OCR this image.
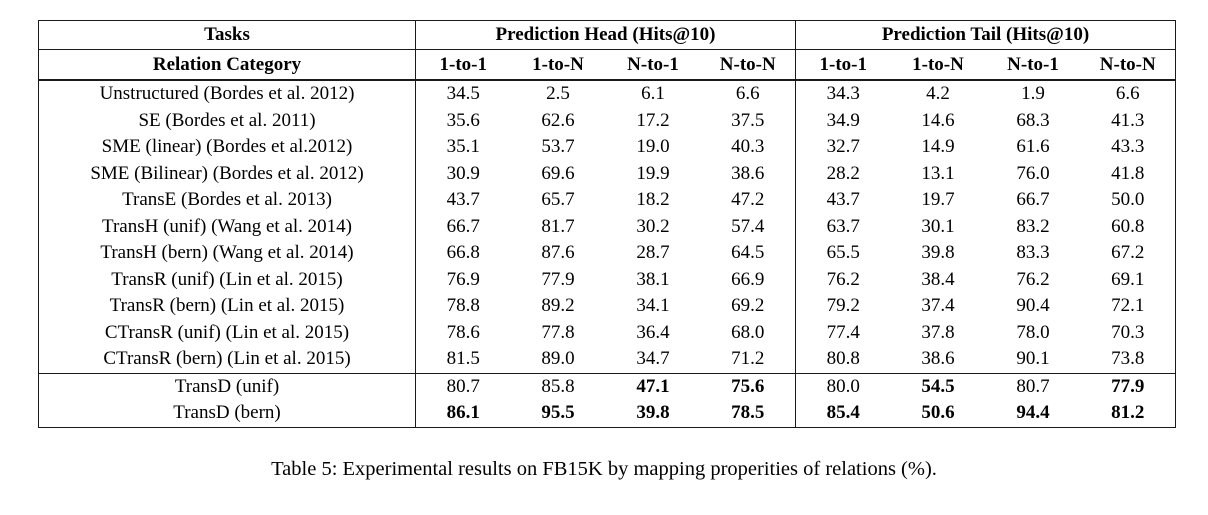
Tasks	Prediction Head (Hits@10)				Prediction Tail (Hits@10)			
Relation Category	1-to-1	1-to-N	N-to-1	N-to-N	1-to-1	1-to-N	N-to-1	N-to-N
Unstructured (Bordes et al. 2012)	34.5	2.5	6.1	6.6	34.3	4.2	1.9	6.6
SE (Bordes et al. 2011)	35.6	62.6	17.2	37.5	34.9	14.6	68.3	41.3
SME (linear) (Bordes et al.2012)	35.1	53.7	19.0	40.3	32.7	14.9	61.6	43.3
SME (Bilinear) (Bordes et al. 2012)	30.9	69.6	19.9	38.6	28.2	13.1	76.0	41.8
TransE (Bordes et al. 2013)	43.7	65.7	18.2	47.2	43.7	19.7	66.7	50.0
TransH (unif) (Wang et al. 2014)	66.7	81.7	30.2	57.4	63.7	30.1	83.2	60.8
TransH (bern) (Wang et al. 2014)	66.8	87.6	28.7	64.5	65.5	39.8	83.3	67.2
TransR (unif) (Lin et al. 2015)	76.9	77.9	38.1	66.9	76.2	38.4	76.2	69.1
TransR (bern) (Lin et al. 2015)	78.8	89.2	34.1	69.2	79.2	37.4	90.4	72.1
CTransR (unif) (Lin et al. 2015)	78.6	77.8	36.4	68.0	77.4	37.8	78.0	70.3
CTransR (bern) (Lin et al. 2015)	81.5	89.0	34.7	71.2	80.8	38.6	90.1	73.8
TransD (unif)	80.7	85.8	47.1	75.6	80.0	54.5	80.7	77.9
TransD (bern)	86.1	95.5	39.8	78.5	85.4	50.6	94.4	81.2
Table 5: Experimental results on FB15K by mapping properities of relations (%).
